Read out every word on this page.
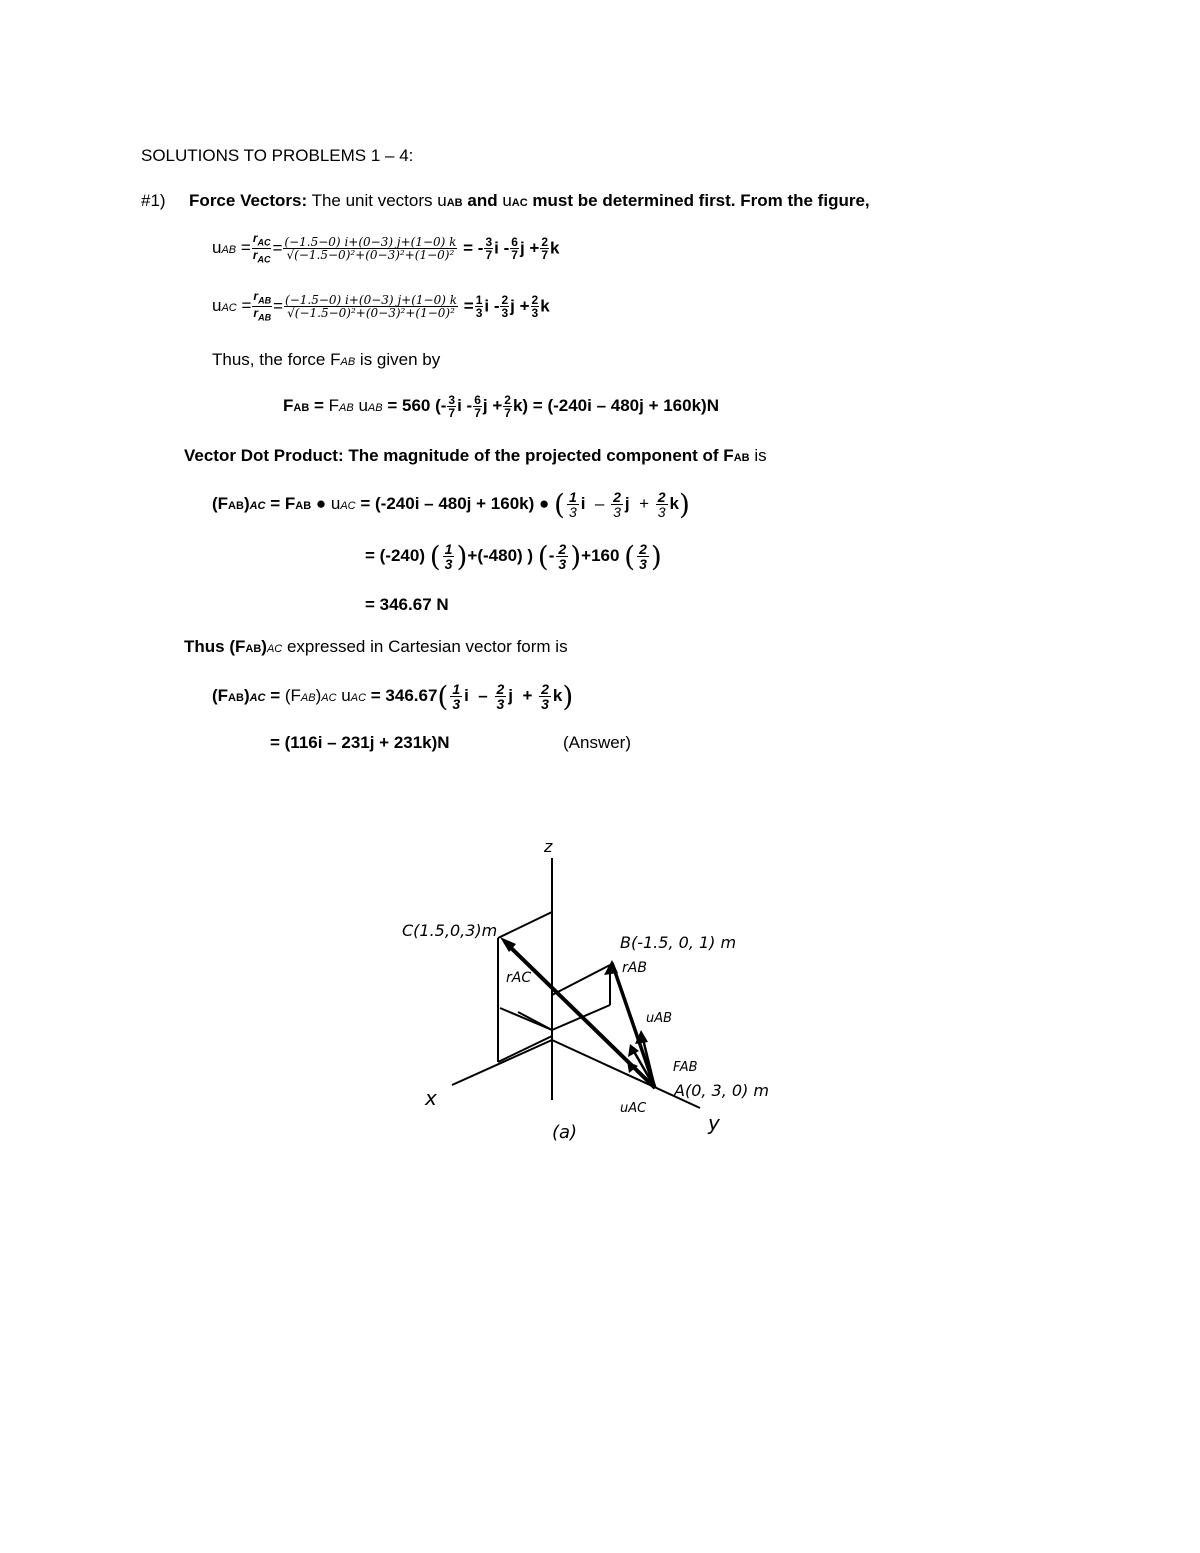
SOLUTIONS TO PROBLEMS 1 – 4:
#1) Force Vectors: The unit vectors uAB and uAC must be determined first. From the figure,
uAB = $\frac{r_{AC}}{r_{AC}} = \frac{(-1.5-0) i+(0-3) j+(1-0) k}{\text{√(−1.5−0)²+(0−3)²+(1−0)²}}$ = - $\frac{3}{7}$ i - $\frac{6}{7}$ $j + \frac{2}{7}$ k
uAC = $\frac{r_{AB}}{r_{AB}} = \frac{(-1.5-0) i+(0-3) j+(1-0) k}{\text{√(−1.5−0)²+(0−3)²+(1−0)²}} = \frac{1}{3}$ i - $\frac{2}{3}$ $j + \frac{2}{3}$ k
Thus, the force FAB is given by
FAB = FAB uAB = 560 (- $\frac{3}{7}$ i - $\frac{6}{7}$ $j + \frac{2}{7} k) = (-240i - 480j + 160k)N$
Vector Dot Product: The magnitude of the projected component of FAB is
(FAB)AC = FAB ● uAC = (-240i – 480j + 160k) ● ( $\frac{1}{3}$ i  – $\frac{2}{3}$ $j + \frac{2}{3} k$)
= (-240) ( $\frac{1}{3} )+(-480)$ ) (- $\frac{2}{3} )+160$ ( $\frac{2}{3}$ )
= 346.67 N
Thus (FAB)AC expressed in Cartesian vector form is
(FAB)AC = (FAB)AC uAC = $346.67( \frac{1}{3}$ i  – $\frac{2}{3}$ $j + \frac{2}{3} k$)
= (116i – 231j + 231k)N	(Answer)
z
x
y
C(1.5,0,3)m
B(-1.5, 0, 1) m
A(0, 3, 0) m
rAC
rAB
uAB
FAB
uAC
(a)
